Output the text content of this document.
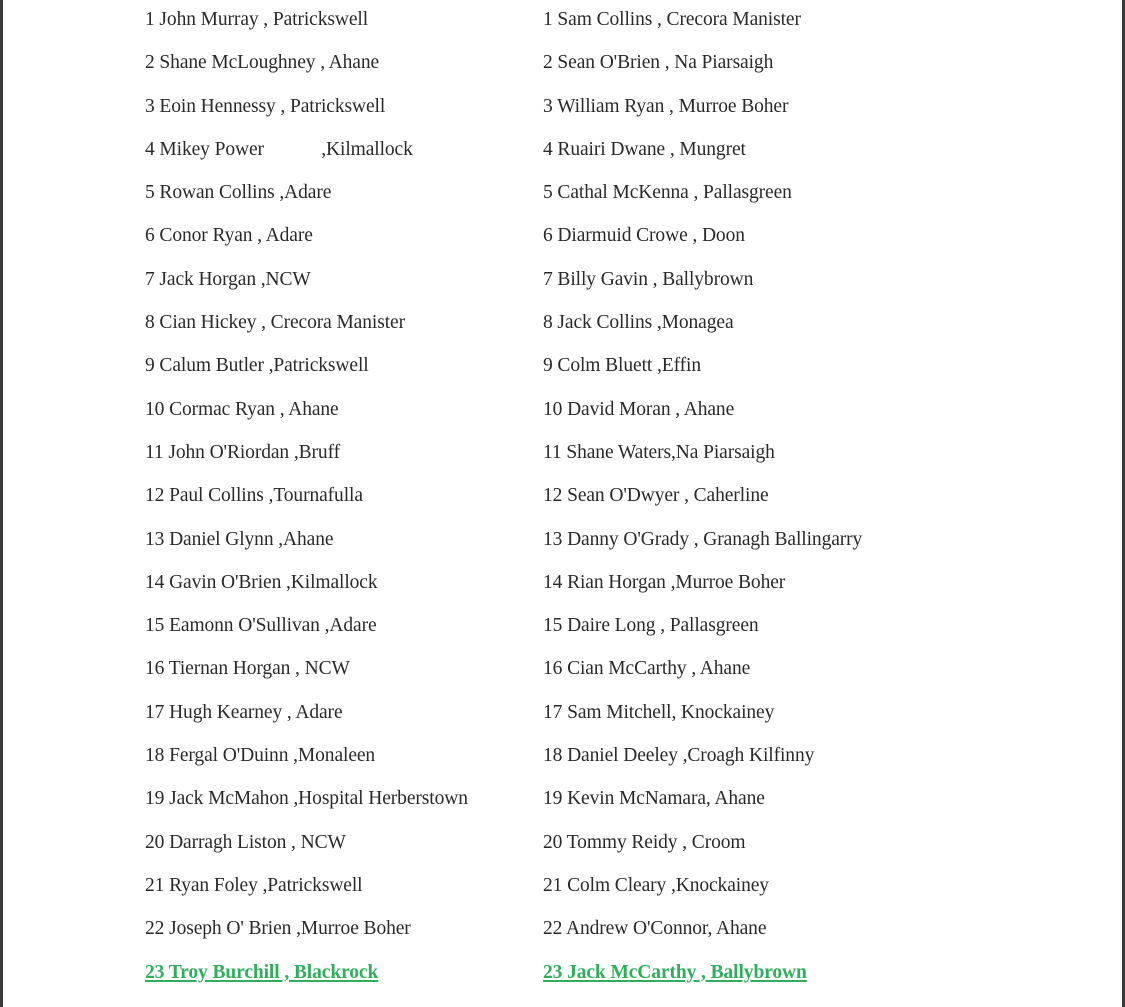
1 John Murray , Patrickswell
2 Shane McLoughney , Ahane
3 Eoin Hennessy , Patrickswell
4 Mikey Power            ,Kilmallock
5 Rowan Collins ,Adare
6 Conor Ryan , Adare
7 Jack Horgan ,NCW
8 Cian Hickey , Crecora Manister
9 Calum Butler ,Patrickswell
10 Cormac Ryan , Ahane
11 John O'Riordan ,Bruff
12 Paul Collins ,Tournafulla
13 Daniel Glynn ,Ahane
14 Gavin O'Brien ,Kilmallock
15 Eamonn O'Sullivan ,Adare
16 Tiernan Horgan , NCW
17 Hugh Kearney , Adare
18 Fergal O'Duinn ,Monaleen
19 Jack McMahon ,Hospital Herberstown
20 Darragh Liston , NCW
21 Ryan Foley ,Patrickswell
22 Joseph O' Brien ,Murroe Boher
23 Troy Burchill , Blackrock
1 Sam Collins , Crecora Manister
2 Sean O'Brien , Na Piarsaigh
3 William Ryan , Murroe Boher
4 Ruairi Dwane , Mungret
5 Cathal McKenna , Pallasgreen
6 Diarmuid Crowe , Doon
7 Billy Gavin , Ballybrown
8 Jack Collins ,Monagea
9 Colm Bluett ,Effin
10 David Moran , Ahane
11 Shane Waters,Na Piarsaigh
12 Sean O'Dwyer , Caherline
13 Danny O'Grady , Granagh Ballingarry
14 Rian Horgan ,Murroe Boher
15 Daire Long , Pallasgreen
16 Cian McCarthy , Ahane
17 Sam Mitchell, Knockainey
18 Daniel Deeley ,Croagh Kilfinny
19 Kevin McNamara, Ahane
20 Tommy Reidy , Croom
21 Colm Cleary ,Knockainey
22 Andrew O'Connor, Ahane
23 Jack McCarthy , Ballybrown
